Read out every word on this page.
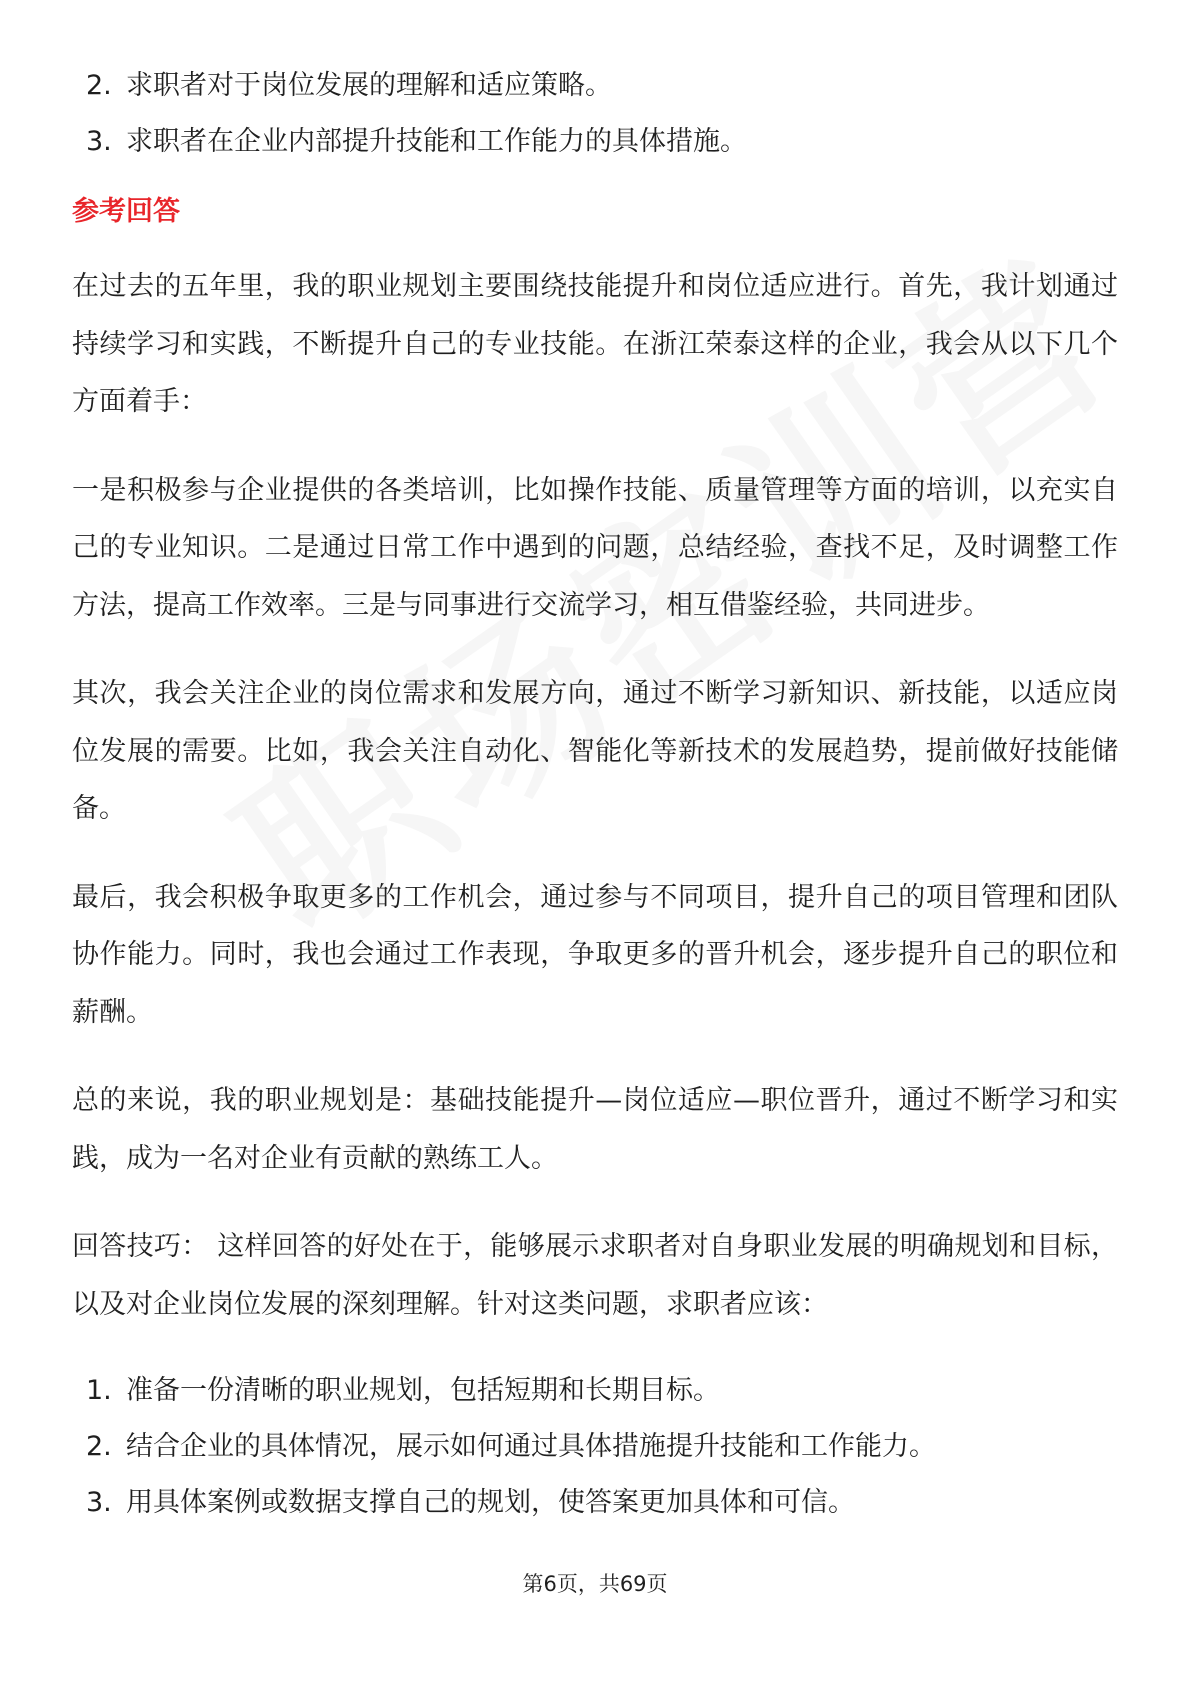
2. 求职者对于岗位发展的理解和适应策略。
3. 求职者在企业内部提升技能和工作能力的具体措施。
参考回答

在过去的五年里，我的职业规划主要围绕技能提升和岗位适应进行。首先，我计划通过持续学习和实践，不断提升自己的专业技能。在浙江荣泰这样的企业，我会从以下几个方面着手：

一是积极参与企业提供的各类培训，比如操作技能、质量管理等方面的培训，以充实自己的专业知识。二是通过日常工作中遇到的问题，总结经验，查找不足，及时调整工作方法，提高工作效率。三是与同事进行交流学习，相互借鉴经验，共同进步。

其次，我会关注企业的岗位需求和发展方向，通过不断学习新知识、新技能，以适应岗位发展的需要。比如，我会关注自动化、智能化等新技术的发展趋势，提前做好技能储备。

最后，我会积极争取更多的工作机会，通过参与不同项目，提升自己的项目管理和团队协作能力。同时，我也会通过工作表现，争取更多的晋升机会，逐步提升自己的职位和薪酬。

总的来说，我的职业规划是：基础技能提升—岗位适应—职位晋升，通过不断学习和实践，成为一名对企业有贡献的熟练工人。

回答技巧： 这样回答的好处在于，能够展示求职者对自身职业发展的明确规划和目标，以及对企业岗位发展的深刻理解。针对这类问题，求职者应该：

1. 准备一份清晰的职业规划，包括短期和长期目标。
2. 结合企业的具体情况，展示如何通过具体措施提升技能和工作能力。
3. 用具体案例或数据支撑自己的规划，使答案更加具体和可信。
第6页，共69页
